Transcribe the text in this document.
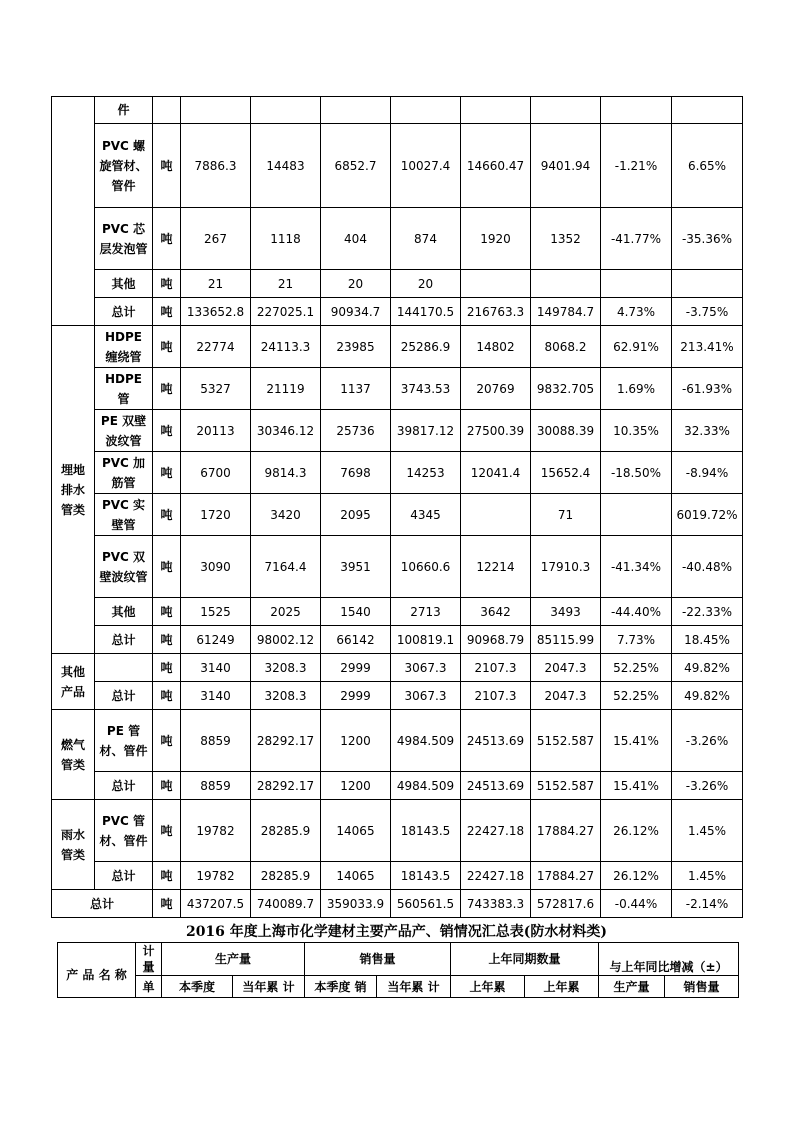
	件									
	PVC 螺旋管材、管件	吨	7886.3	14483	6852.7	10027.4	14660.47	9401.94	-1.21%	6.65%
	PVC 芯层发泡管	吨	267	1118	404	874	1920	1352	-41.77%	-35.36%
	其他	吨	21	21	20	20				
	总计	吨	133652.8	227025.1	90934.7	144170.5	216763.3	149784.7	4.73%	-3.75%
埋地排水管类	HDPE 缠绕管	吨	22774	24113.3	23985	25286.9	14802	8068.2	62.91%	213.41%
	HDPE 管	吨	5327	21119	1137	3743.53	20769	9832.705	1.69%	-61.93%
	PE 双壁波纹管	吨	20113	30346.12	25736	39817.12	27500.39	30088.39	10.35%	32.33%
	PVC 加筋管	吨	6700	9814.3	7698	14253	12041.4	15652.4	-18.50%	-8.94%
	PVC 实壁管	吨	1720	3420	2095	4345		71		6019.72%
	PVC 双壁波纹管	吨	3090	7164.4	3951	10660.6	12214	17910.3	-41.34%	-40.48%
	其他	吨	1525	2025	1540	2713	3642	3493	-44.40%	-22.33%
	总计	吨	61249	98002.12	66142	100819.1	90968.79	85115.99	7.73%	18.45%
其他产品		吨	3140	3208.3	2999	3067.3	2107.3	2047.3	52.25%	49.82%
	总计	吨	3140	3208.3	2999	3067.3	2107.3	2047.3	52.25%	49.82%
燃气管类	PE 管材、管件	吨	8859	28292.17	1200	4984.509	24513.69	5152.587	15.41%	-3.26%
	总计	吨	8859	28292.17	1200	4984.509	24513.69	5152.587	15.41%	-3.26%
雨水管类	PVC 管材、管件	吨	19782	28285.9	14065	18143.5	22427.18	17884.27	26.12%	1.45%
	总计	吨	19782	28285.9	14065	18143.5	22427.18	17884.27	26.12%	1.45%
总计		吨	437207.5	740089.7	359033.9	560561.5	743383.3	572817.6	-0.44%	-2.14%
2016 年度上海市化学建材主要产品产、销情况汇总表(防水材料类)
产 品 名 称	计量	生产量		销售量		上年同期数量		与上年同比增减（±）	
	单	本季度	当年累 计	本季度 销	当年累 计	上年累	上年累	生产量	销售量
